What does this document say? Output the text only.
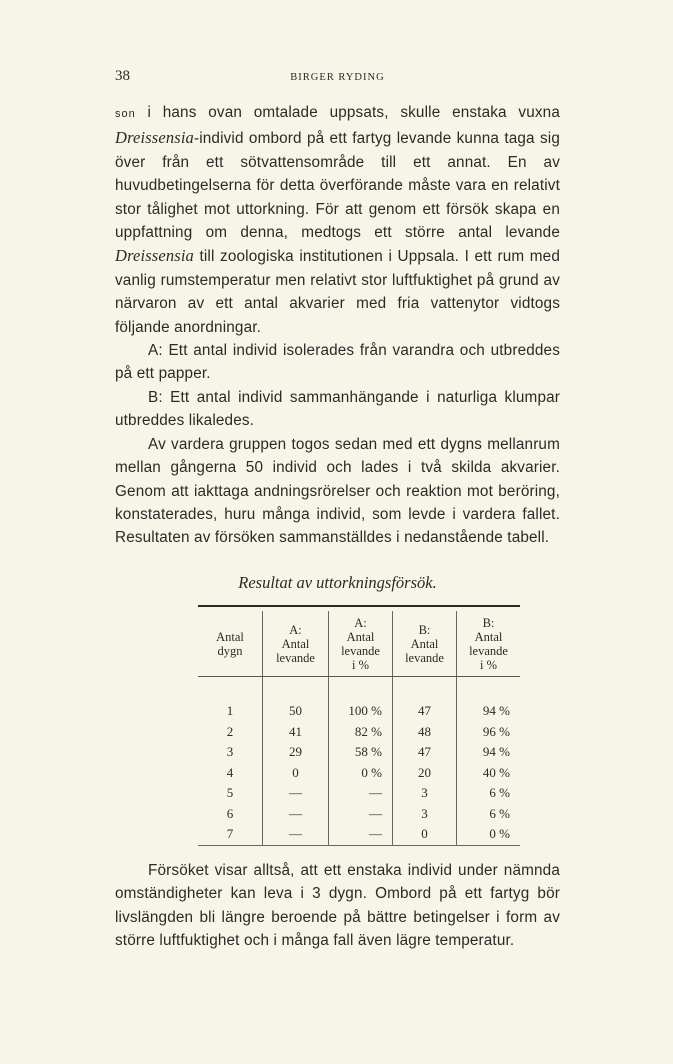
38	BIRGER RYDING

son i hans ovan omtalade uppsats, skulle enstaka vuxna Dreissensia-individ ombord på ett fartyg levande kunna taga sig över från ett sötvattensområde till ett annat. En av huvudbetingelserna för detta överförande måste vara en relativt stor tålighet mot uttorkning. För att genom ett försök skapa en uppfattning om denna, medtogs ett större antal levande Dreissensia till zoologiska institutionen i Uppsala. I ett rum med vanlig rumstemperatur men relativt stor luftfuktighet på grund av närvaron av ett antal akvarier med fria vattenytor vidtogs följande anordningar.

A: Ett antal individ isolerades från varandra och utbreddes på ett papper.

B: Ett antal individ sammanhängande i naturliga klumpar utbreddes likaledes.

Av vardera gruppen togos sedan med ett dygns mellanrum mellan gångerna 50 individ och lades i två skilda akvarier. Genom att iakttaga andningsrörelser och reaktion mot beröring, konstaterades, huru många individ, som levde i vardera fallet. Resultaten av försöken sammanställdes i nedanstående tabell.

Resultat av uttorkningsförsök.
Antal
dygn
A:
Antal
levande
A:
Antal
levande
i %
B:
Antal
levande
B:
Antal
levande
i %
1
2
3
4
5
6
7
50
41
29
0
—
—
—
100 %
82 %
58 %
0 %
—
—
—
47
48
47
20
3
3
0
94 %
96 %
94 %
40 %
6 %
6 %
0 %

Försöket visar alltså, att ett enstaka individ under nämnda omständigheter kan leva i 3 dygn. Ombord på ett fartyg bör livslängden bli längre beroende på bättre betingelser i form av större luftfuktighet och i många fall även lägre temperatur.
